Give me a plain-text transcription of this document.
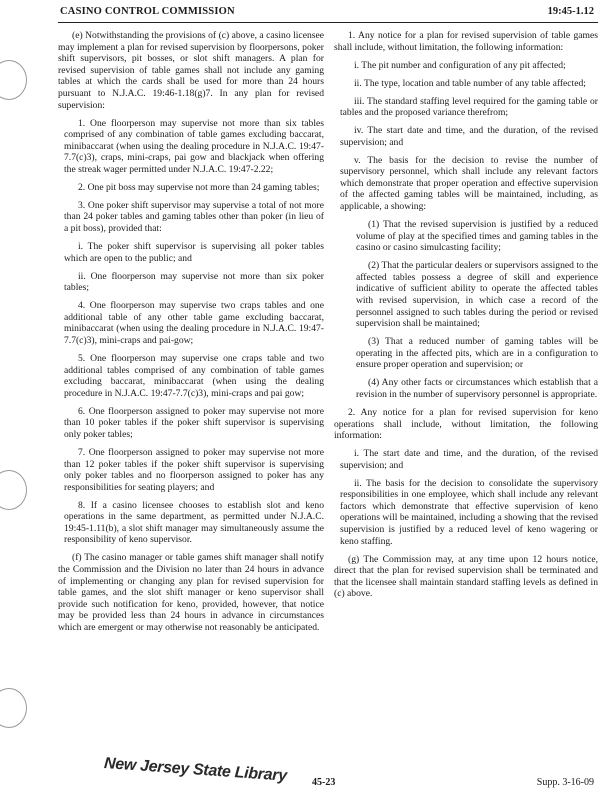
CASINO CONTROL COMMISSION	19:45-1.12

(e) Notwithstanding the provisions of (c) above, a casino licensee may implement a plan for revised supervision by floorpersons, poker shift supervisors, pit bosses, or slot shift managers. A plan for revised supervision of table games shall not include any gaming tables at which the cards shall be used for more than 24 hours pursuant to N.J.A.C. 19:46-1.18(g)7. In any plan for revised supervision:

1. One floorperson may supervise not more than six tables comprised of any combination of table games excluding baccarat, minibaccarat (when using the dealing procedure in N.J.A.C. 19:47-7.7(c)3), craps, mini-craps, pai gow and blackjack when offering the streak wager permitted under N.J.A.C. 19:47-2.22;

2. One pit boss may supervise not more than 24 gaming tables;

3. One poker shift supervisor may supervise a total of not more than 24 poker tables and gaming tables other than poker (in lieu of a pit boss), provided that:

i. The poker shift supervisor is supervising all poker tables which are open to the public; and

ii. One floorperson may supervise not more than six poker tables;

4. One floorperson may supervise two craps tables and one additional table of any other table game excluding baccarat, minibaccarat (when using the dealing procedure in N.J.A.C. 19:47-7.7(c)3), mini-craps and pai-gow;

5. One floorperson may supervise one craps table and two additional tables comprised of any combination of table games excluding baccarat, minibaccarat (when using the dealing procedure in N.J.A.C. 19:47-7.7(c)3), mini-craps and pai gow;

6. One floorperson assigned to poker may supervise not more than 10 poker tables if the poker shift supervisor is supervising only poker tables;

7. One floorperson assigned to poker may supervise not more than 12 poker tables if the poker shift supervisor is supervising only poker tables and no floorperson assigned to poker has any responsibilities for seating players; and

8. If a casino licensee chooses to establish slot and keno operations in the same department, as permitted under N.J.A.C. 19:45-1.11(b), a slot shift manager may simultaneously assume the responsibility of keno supervisor.

(f) The casino manager or table games shift manager shall notify the Commission and the Division no later than 24 hours in advance of implementing or changing any plan for revised supervision for table games, and the slot shift manager or keno supervisor shall provide such notification for keno, provided, however, that notice may be provided less than 24 hours in advance in circumstances which are emergent or may otherwise not reasonably be anticipated.

1. Any notice for a plan for revised supervision of table games shall include, without limitation, the following information:

i. The pit number and configuration of any pit affected;

ii. The type, location and table number of any table affected;

iii. The standard staffing level required for the gaming table or tables and the proposed variance therefrom;

iv. The start date and time, and the duration, of the revised supervision; and

v. The basis for the decision to revise the number of supervisory personnel, which shall include any relevant factors which demonstrate that proper operation and effective supervision of the affected gaming tables will be maintained, including, as applicable, a showing:

(1) That the revised supervision is justified by a reduced volume of play at the specified times and gaming tables in the casino or casino simulcasting facility;

(2) That the particular dealers or supervisors assigned to the affected tables possess a degree of skill and experience indicative of sufficient ability to operate the affected tables with revised supervision, in which case a record of the personnel assigned to such tables during the period or revised supervision shall be maintained;

(3) That a reduced number of gaming tables will be operating in the affected pits, which are in a configuration to ensure proper operation and supervision; or

(4) Any other facts or circumstances which establish that a revision in the number of supervisory personnel is appropriate.

2. Any notice for a plan for revised supervision for keno operations shall include, without limitation, the following information:

i. The start date and time, and the duration, of the revised supervision; and

ii. The basis for the decision to consolidate the supervisory responsibilities in one employee, which shall include any relevant factors which demonstrate that effective supervision of keno operations will be maintained, including a showing that the revised supervision is justified by a reduced level of keno wagering or keno staffing.

(g) The Commission may, at any time upon 12 hours notice, direct that the plan for revised supervision shall be terminated and that the licensee shall maintain standard staffing levels as defined in (c) above.

New Jersey State Library 45-23	Supp. 3-16-09
